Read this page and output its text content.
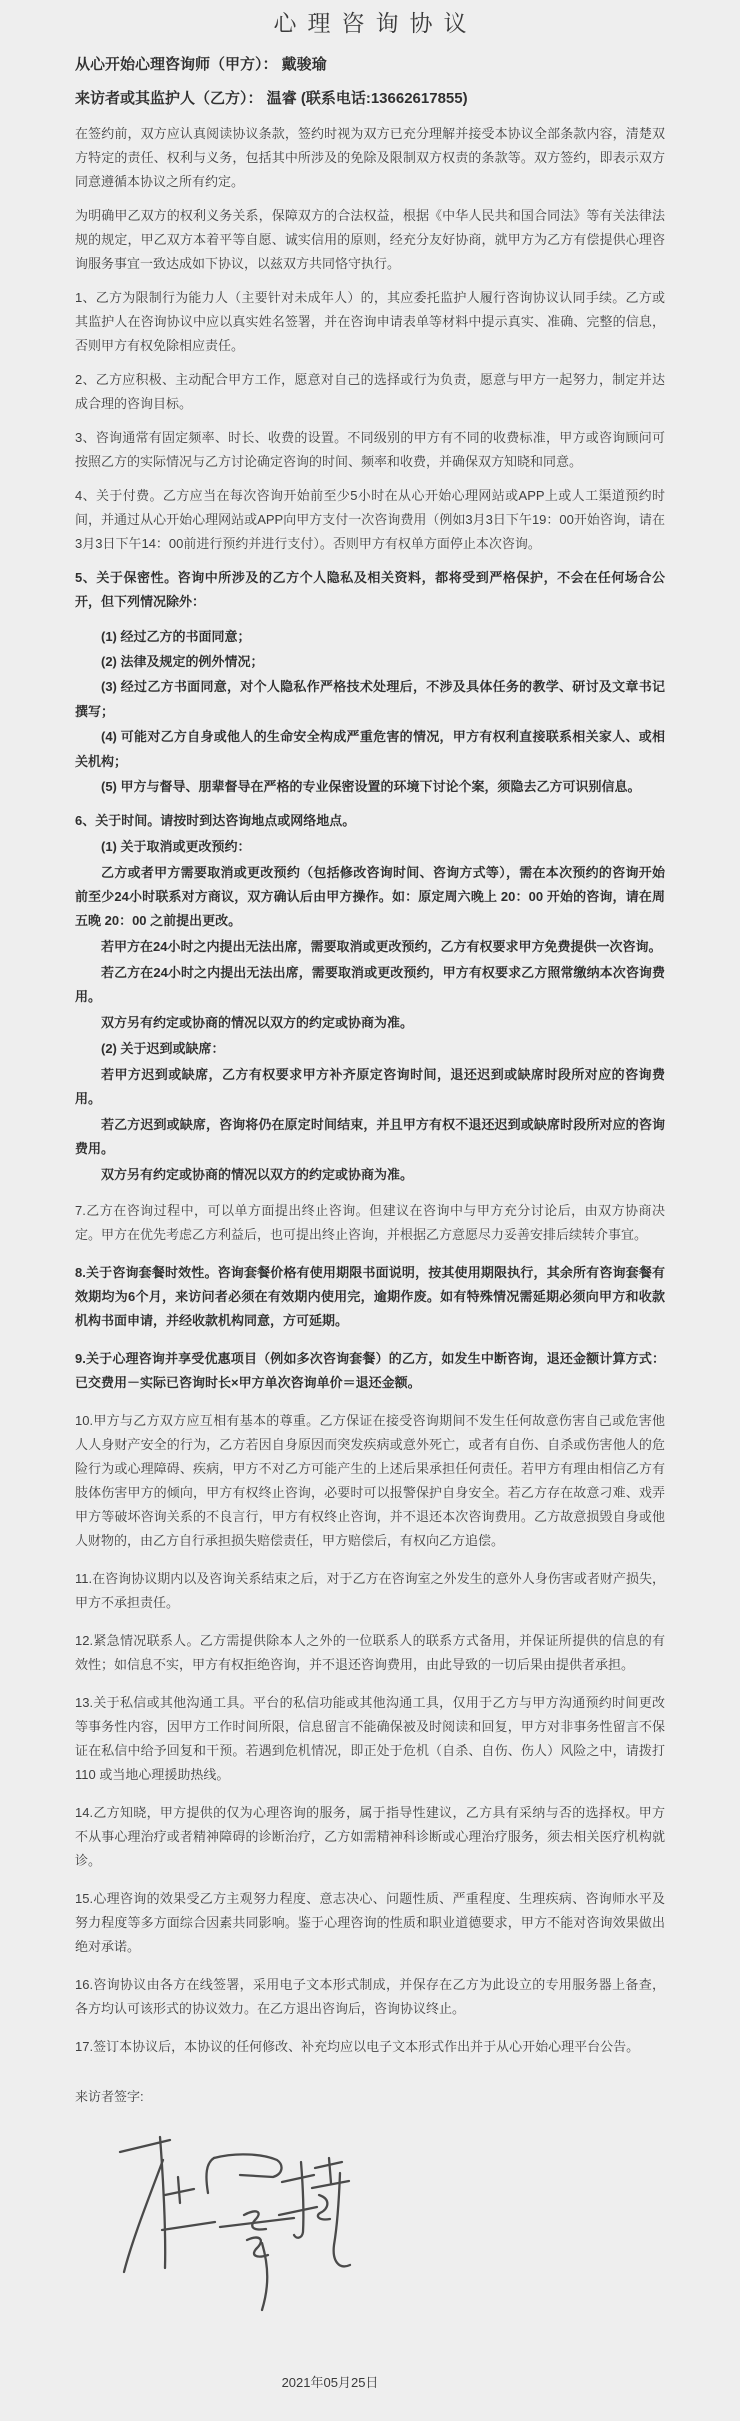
心理咨询协议

从心开始心理咨询师（甲方）： 戴骏瑜

来访者或其监护人（乙方）： 温睿 (联系电话:13662617855)

在签约前，双方应认真阅读协议条款，签约时视为双方已充分理解并接受本协议全部条款内容，清楚双方特定的责任、权利与义务，包括其中所涉及的免除及限制双方权责的条款等。双方签约，即表示双方同意遵循本协议之所有约定。

为明确甲乙双方的权利义务关系，保障双方的合法权益，根据《中华人民共和国合同法》等有关法律法规的规定，甲乙双方本着平等自愿、诚实信用的原则，经充分友好协商，就甲方为乙方有偿提供心理咨询服务事宜一致达成如下协议，以兹双方共同恪守执行。

1、乙方为限制行为能力人（主要针对未成年人）的，其应委托监护人履行咨询协议认同手续。乙方或其监护人在咨询协议中应以真实姓名签署，并在咨询申请表单等材料中提示真实、准确、完整的信息，否则甲方有权免除相应责任。

2、乙方应积极、主动配合甲方工作，愿意对自己的选择或行为负责，愿意与甲方一起努力，制定并达成合理的咨询目标。

3、咨询通常有固定频率、时长、收费的设置。不同级别的甲方有不同的收费标准，甲方或咨询顾问可按照乙方的实际情况与乙方讨论确定咨询的时间、频率和收费，并确保双方知晓和同意。

4、关于付费。乙方应当在每次咨询开始前至少5小时在从心开始心理网站或APP上或人工渠道预约时间，并通过从心开始心理网站或APP向甲方支付一次咨询费用（例如3月3日下午19：00开始咨询，请在3月3日下午14：00前进行预约并进行支付）。否则甲方有权单方面停止本次咨询。

5、关于保密性。咨询中所涉及的乙方个人隐私及相关资料，都将受到严格保护，不会在任何场合公开，但下列情况除外：

(1) 经过乙方的书面同意；

(2) 法律及规定的例外情况；

(3) 经过乙方书面同意，对个人隐私作严格技术处理后，不涉及具体任务的教学、研讨及文章书记撰写；

(4) 可能对乙方自身或他人的生命安全构成严重危害的情况，甲方有权利直接联系相关家人、或相关机构；

(5) 甲方与督导、朋辈督导在严格的专业保密设置的环境下讨论个案，须隐去乙方可识别信息。

6、关于时间。请按时到达咨询地点或网络地点。

(1) 关于取消或更改预约：

乙方或者甲方需要取消或更改预约（包括修改咨询时间、咨询方式等），需在本次预约的咨询开始前至少24小时联系对方商议，双方确认后由甲方操作。如：原定周六晚上 20：00 开始的咨询，请在周五晚 20：00 之前提出更改。

若甲方在24小时之内提出无法出席，需要取消或更改预约，乙方有权要求甲方免费提供一次咨询。

若乙方在24小时之内提出无法出席，需要取消或更改预约，甲方有权要求乙方照常缴纳本次咨询费用。

双方另有约定或协商的情况以双方的约定或协商为准。

(2) 关于迟到或缺席：

若甲方迟到或缺席，乙方有权要求甲方补齐原定咨询时间，退还迟到或缺席时段所对应的咨询费用。

若乙方迟到或缺席，咨询将仍在原定时间结束，并且甲方有权不退还迟到或缺席时段所对应的咨询费用。

双方另有约定或协商的情况以双方的约定或协商为准。

7.乙方在咨询过程中，可以单方面提出终止咨询。但建议在咨询中与甲方充分讨论后，由双方协商决定。甲方在优先考虑乙方利益后，也可提出终止咨询，并根据乙方意愿尽力妥善安排后续转介事宜。

8.关于咨询套餐时效性。咨询套餐价格有使用期限书面说明，按其使用期限执行，其余所有咨询套餐有效期均为6个月，来访问者必须在有效期内使用完，逾期作废。如有特殊情况需延期必须向甲方和收款机构书面申请，并经收款机构同意，方可延期。

9.关于心理咨询并享受优惠项目（例如多次咨询套餐）的乙方，如发生中断咨询，退还金额计算方式：已交费用－实际已咨询时长×甲方单次咨询单价＝退还金额。

10.甲方与乙方双方应互相有基本的尊重。乙方保证在接受咨询期间不发生任何故意伤害自己或危害他人人身财产安全的行为，乙方若因自身原因而突发疾病或意外死亡，或者有自伤、自杀或伤害他人的危险行为或心理障碍、疾病，甲方不对乙方可能产生的上述后果承担任何责任。若甲方有理由相信乙方有肢体伤害甲方的倾向，甲方有权终止咨询，必要时可以报警保护自身安全。若乙方存在故意刁难、戏弄甲方等破坏咨询关系的不良言行，甲方有权终止咨询，并不退还本次咨询费用。乙方故意损毁自身或他人财物的，由乙方自行承担损失赔偿责任，甲方赔偿后，有权向乙方追偿。

11.在咨询协议期内以及咨询关系结束之后，对于乙方在咨询室之外发生的意外人身伤害或者财产损失，甲方不承担责任。

12.紧急情况联系人。乙方需提供除本人之外的一位联系人的联系方式备用，并保证所提供的信息的有效性；如信息不实，甲方有权拒绝咨询，并不退还咨询费用，由此导致的一切后果由提供者承担。

13.关于私信或其他沟通工具。平台的私信功能或其他沟通工具，仅用于乙方与甲方沟通预约时间更改等事务性内容，因甲方工作时间所限，信息留言不能确保被及时阅读和回复，甲方对非事务性留言不保证在私信中给予回复和干预。若遇到危机情况，即正处于危机（自杀、自伤、伤人）风险之中，请拨打 110 或当地心理援助热线。

14.乙方知晓，甲方提供的仅为心理咨询的服务，属于指导性建议，乙方具有采纳与否的选择权。甲方不从事心理治疗或者精神障碍的诊断治疗，乙方如需精神科诊断或心理治疗服务，须去相关医疗机构就诊。

15.心理咨询的效果受乙方主观努力程度、意志决心、问题性质、严重程度、生理疾病、咨询师水平及努力程度等多方面综合因素共同影响。鉴于心理咨询的性质和职业道德要求，甲方不能对咨询效果做出绝对承诺。

16.咨询协议由各方在线签署，采用电子文本形式制成，并保存在乙方为此设立的专用服务器上备查，各方均认可该形式的协议效力。在乙方退出咨询后，咨询协议终止。

17.签订本协议后，本协议的任何修改、补充均应以电子文本形式作出并于从心开始心理平台公告。

来访者签字:

2021年05月25日
